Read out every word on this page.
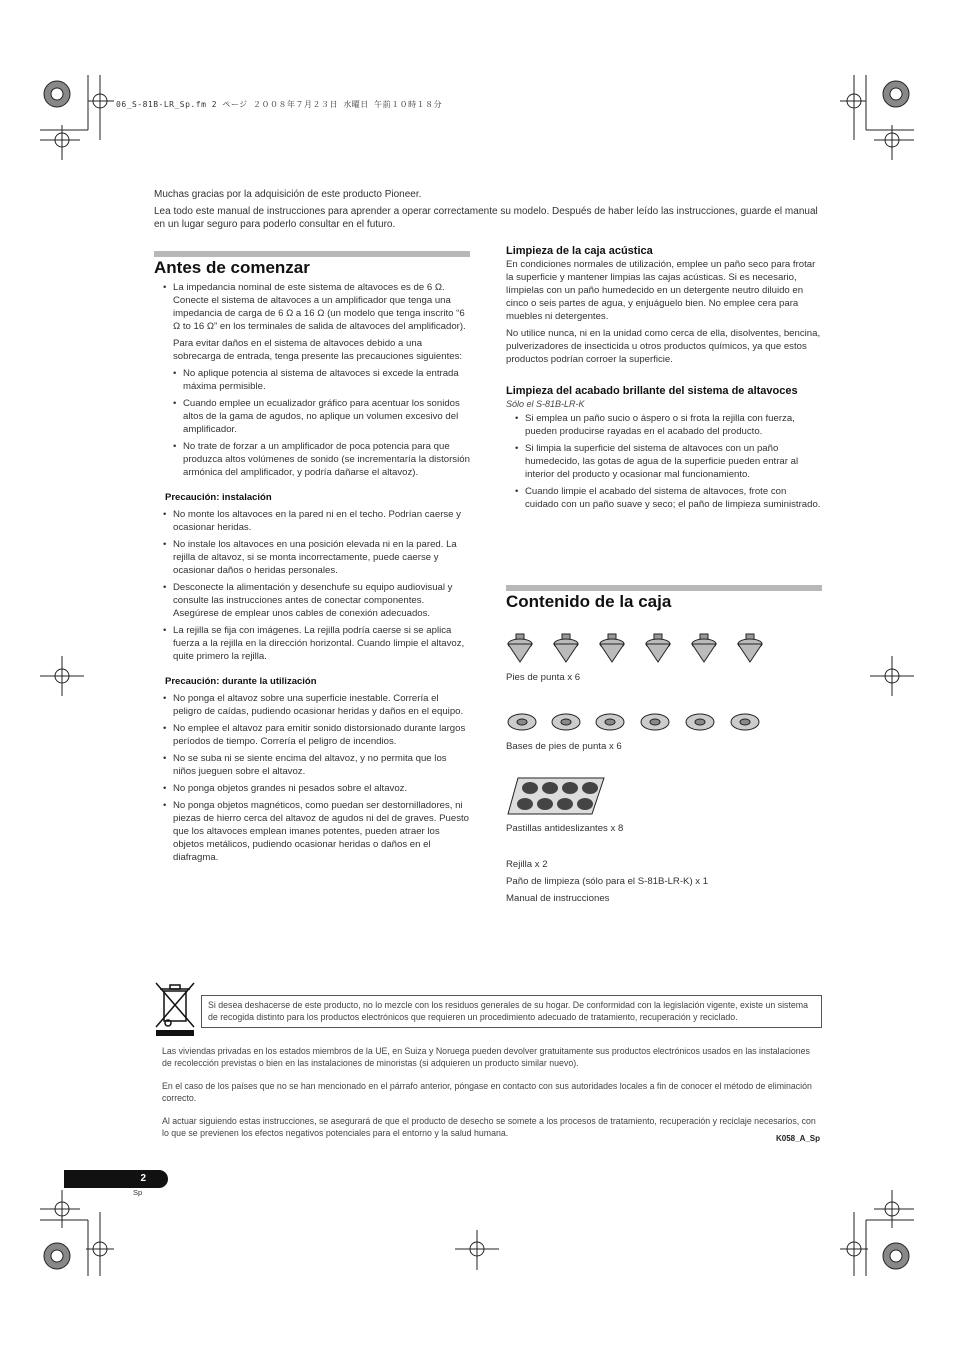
06_S-81B-LR_Sp.fm 2 ページ ２００８年７月２３日 水曜日 午前１０時１８分

Muchas gracias por la adquisición de este producto Pioneer.

Lea todo este manual de instrucciones para aprender a operar correctamente su modelo. Después de haber leído las instrucciones, guarde el manual en un lugar seguro para poderlo consultar en el futuro.

Antes de comenzar
• La impedancia nominal de este sistema de altavoces es de 6 Ω. Conecte el sistema de altavoces a un amplificador que tenga una impedancia de carga de 6 Ω a 16 Ω (un modelo que tenga inscrito “6 Ω to 16 Ω” en los terminales de salida de altavoces del amplificador).

Para evitar daños en el sistema de altavoces debido a una sobrecarga de entrada, tenga presente las precauciones siguientes:

• No aplique potencia al sistema de altavoces si excede la entrada máxima permisible.
• Cuando emplee un ecualizador gráfico para acentuar los sonidos altos de la gama de agudos, no aplique un volumen excesivo del amplificador.
• No trate de forzar a un amplificador de poca potencia para que produzca altos volúmenes de sonido (se incrementaría la distorsión armónica del amplificador, y podría dañarse el altavoz).
Precaución: instalación
• No monte los altavoces en la pared ni en el techo. Podrían caerse y ocasionar heridas.
• No instale los altavoces en una posición elevada ni en la pared. La rejilla de altavoz, si se monta incorrectamente, puede caerse y ocasionar daños o heridas personales.
• Desconecte la alimentación y desenchufe su equipo audiovisual y consulte las instrucciones antes de conectar componentes. Asegúrese de emplear unos cables de conexión adecuados.
• La rejilla se fija con imágenes. La rejilla podría caerse si se aplica fuerza a la rejilla en la dirección horizontal. Cuando limpie el altavoz, quite primero la rejilla.
Precaución: durante la utilización
• No ponga el altavoz sobre una superficie inestable. Correría el peligro de caídas, pudiendo ocasionar heridas y daños en el equipo.
• No emplee el altavoz para emitir sonido distorsionado durante largos períodos de tiempo. Correría el peligro de incendios.
• No se suba ni se siente encima del altavoz, y no permita que los niños jueguen sobre el altavoz.
• No ponga objetos grandes ni pesados sobre el altavoz.
• No ponga objetos magnéticos, como puedan ser destornilladores, ni piezas de hierro cerca del altavoz de agudos ni del de graves. Puesto que los altavoces emplean imanes potentes, pueden atraer los objetos metálicos, pudiendo ocasionar heridas o daños en el diafragma.
Limpieza de la caja acústica

En condiciones normales de utilización, emplee un paño seco para frotar la superficie y mantener limpias las cajas acústicas. Si es necesario, límpielas con un paño humedecido en un detergente neutro diluido en cinco o seis partes de agua, y enjuáguelo bien. No emplee cera para muebles ni detergentes.

No utilice nunca, ni en la unidad como cerca de ella, disolventes, bencina, pulverizadores de insecticida u otros productos químicos, ya que estos productos podrían corroer la superficie.

Limpieza del acabado brillante del sistema de altavoces
Sólo el S-81B-LR-K
• Si emplea un paño sucio o áspero o si frota la rejilla con fuerza, pueden producirse rayadas en el acabado del producto.
• Si limpia la superficie del sistema de altavoces con un paño humedecido, las gotas de agua de la superficie pueden entrar al interior del producto y ocasionar mal funcionamiento.
• Cuando limpie el acabado del sistema de altavoces, frote con cuidado con un paño suave y seco; el paño de limpieza suministrado.
Contenido de la caja
Pies de punta x 6
Bases de pies de punta x 6
Pastillas antideslizantes x 8
Rejilla x 2
Paño de limpieza (sólo para el S-81B-LR-K) x 1
Manual de instrucciones
Si desea deshacerse de este producto, no lo mezcle con los residuos generales de su hogar. De conformidad con la legislación vigente, existe un sistema de recogida distinto para los productos electrónicos que requieren un procedimiento adecuado de tratamiento, recuperación y reciclado.

Las viviendas privadas en los estados miembros de la UE, en Suiza y Noruega pueden devolver gratuitamente sus productos electrónicos usados en las instalaciones de recolección previstas o bien en las instalaciones de minoristas (si adquieren un producto similar nuevo).

En el caso de los países que no se han mencionado en el párrafo anterior, póngase en contacto con sus autoridades locales a fin de conocer el método de eliminación correcto.

Al actuar siguiendo estas instrucciones, se asegurará de que el producto de desecho se somete a los procesos de tratamiento, recuperación y reciclaje necesarios, con lo que se previenen los efectos negativos potenciales para el entorno y la salud humana.

K058_A_Sp
2
Sp
